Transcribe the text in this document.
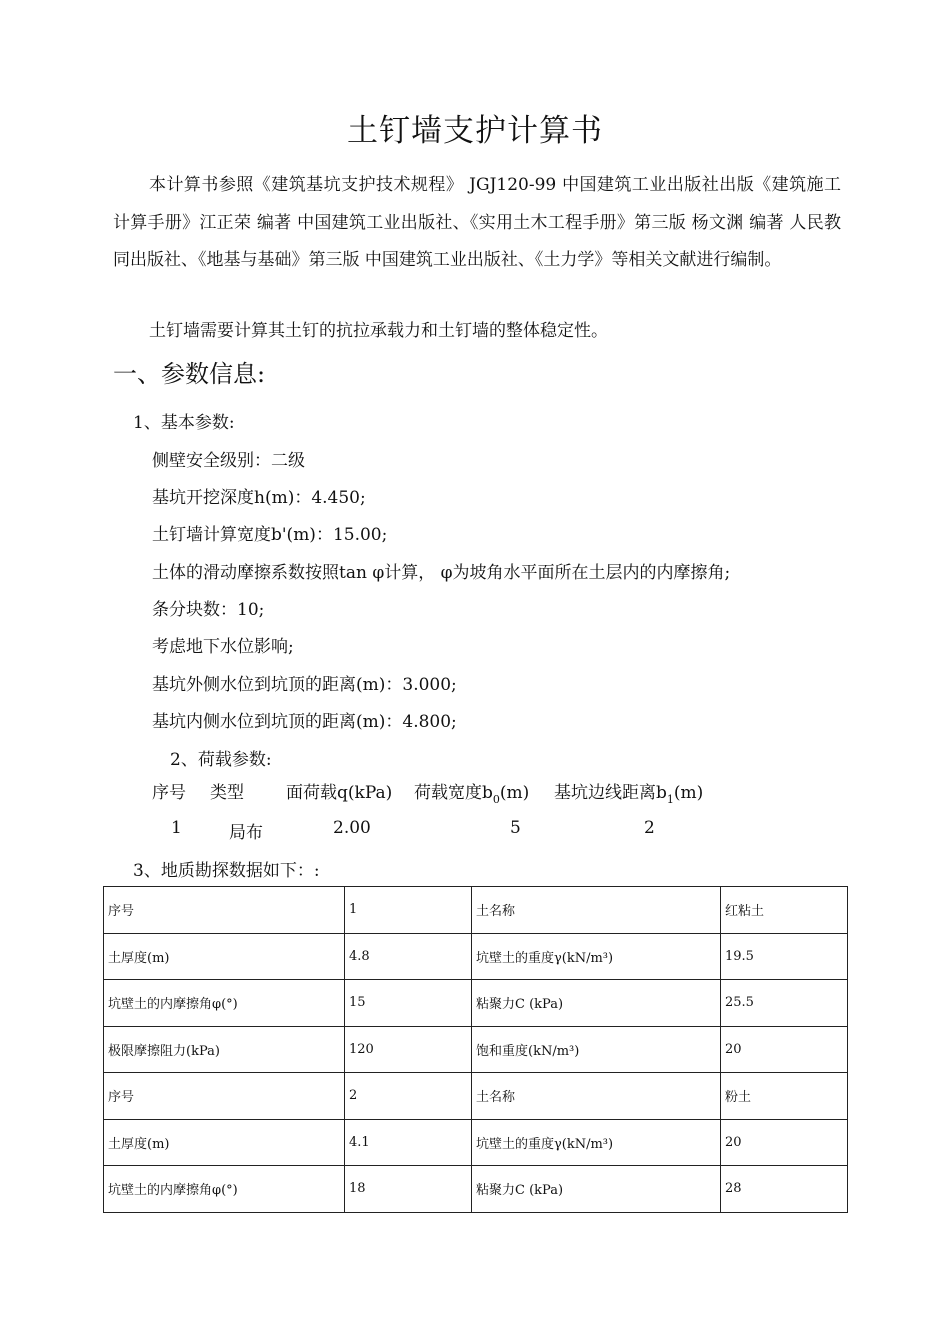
土钉墙支护计算书
本计算书参照《建筑基坑支护技术规程》 JGJ120-99 中国建筑工业出版社出版《建筑施工计算手册》江正荣 编著 中国建筑工业出版社、《实用土木工程手册》第三版 杨文渊 编著 人民教同出版社、《地基与基础》第三版 中国建筑工业出版社、《土力学》等相关文献进行编制。
土钉墙需要计算其土钉的抗拉承载力和土钉墙的整体稳定性。
一、参数信息:
1、基本参数:
侧壁安全级别：二级
基坑开挖深度h(m)：4.450;
土钉墙计算宽度b'(m)：15.00;
土体的滑动摩擦系数按照tan φ计算， φ为坡角水平面所在土层内的内摩擦角;
条分块数：10;
考虑地下水位影响;
基坑外侧水位到坑顶的距离(m)：3.000;
基坑内侧水位到坑顶的距离(m)：4.800;
2、荷载参数:
序号 类型 面荷载q(kPa) 荷载宽度$b_0(m)$ 基坑边线距离$b_1(m)$
1	局布	2.00	5	2
3、地质勘探数据如下：:
序号	1	土名称	红粘土
土厚度(m)	4.8	坑壁土的重度γ(kN/m³)	19.5
坑壁土的内摩擦角φ(°)	15	粘聚力C (kPa)	25.5
极限摩擦阻力(kPa)	120	饱和重度(kN/m³)	20
序号	2	土名称	粉土
土厚度(m)	4.1	坑壁土的重度γ(kN/m³)	20
坑壁土的内摩擦角φ(°)	18	粘聚力C (kPa)	28
